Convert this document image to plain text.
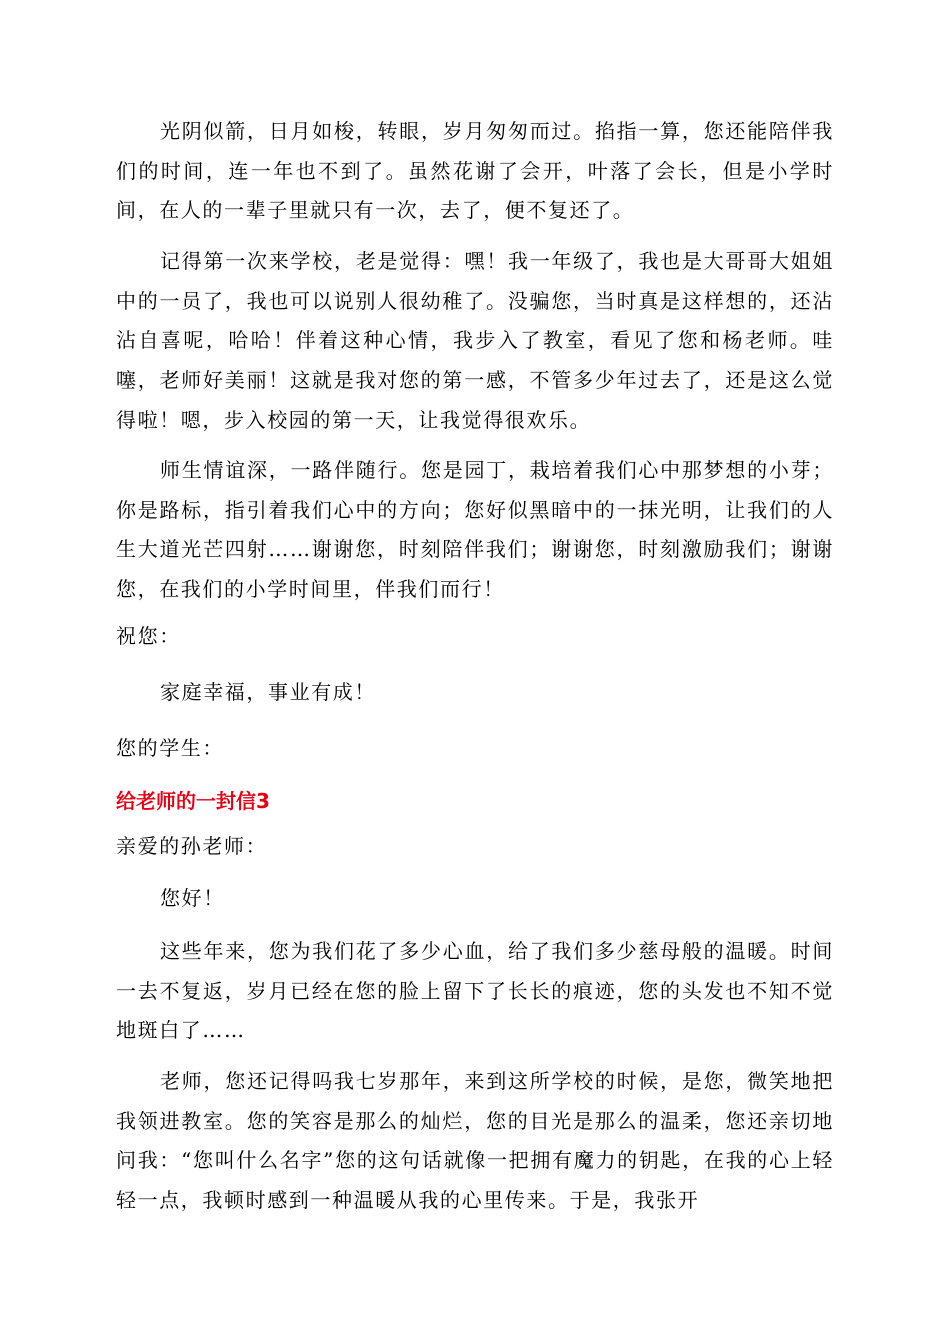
光阴似箭，日月如梭，转眼，岁月匆匆而过。掐指一算，您还能陪伴我们的时间，连一年也不到了。虽然花谢了会开，叶落了会长，但是小学时间，在人的一辈子里就只有一次，去了，便不复还了。

记得第一次来学校，老是觉得：嘿！我一年级了，我也是大哥哥大姐姐中的一员了，我也可以说别人很幼稚了。没骗您，当时真是这样想的，还沾沾自喜呢，哈哈！伴着这种心情，我步入了教室，看见了您和杨老师。哇噻，老师好美丽！这就是我对您的第一感，不管多少年过去了，还是这么觉得啦！嗯，步入校园的第一天，让我觉得很欢乐。

师生情谊深，一路伴随行。您是园丁，栽培着我们心中那梦想的小芽；你是路标，指引着我们心中的方向；您好似黑暗中的一抹光明，让我们的人生大道光芒四射……谢谢您，时刻陪伴我们；谢谢您，时刻激励我们；谢谢您，在我们的小学时间里，伴我们而行！

祝您：

家庭幸福，事业有成！

您的学生：

给老师的一封信3

亲爱的孙老师：

您好！

这些年来，您为我们花了多少心血，给了我们多少慈母般的温暖。时间一去不复返，岁月已经在您的脸上留下了长长的痕迹，您的头发也不知不觉地斑白了……

老师，您还记得吗我七岁那年，来到这所学校的时候，是您，微笑地把我领进教室。您的笑容是那么的灿烂，您的目光是那么的温柔，您还亲切地问我：“您叫什么名字”您的这句话就像一把拥有魔力的钥匙，在我的心上轻轻一点，我顿时感到一种温暖从我的心里传来。于是，我张开
